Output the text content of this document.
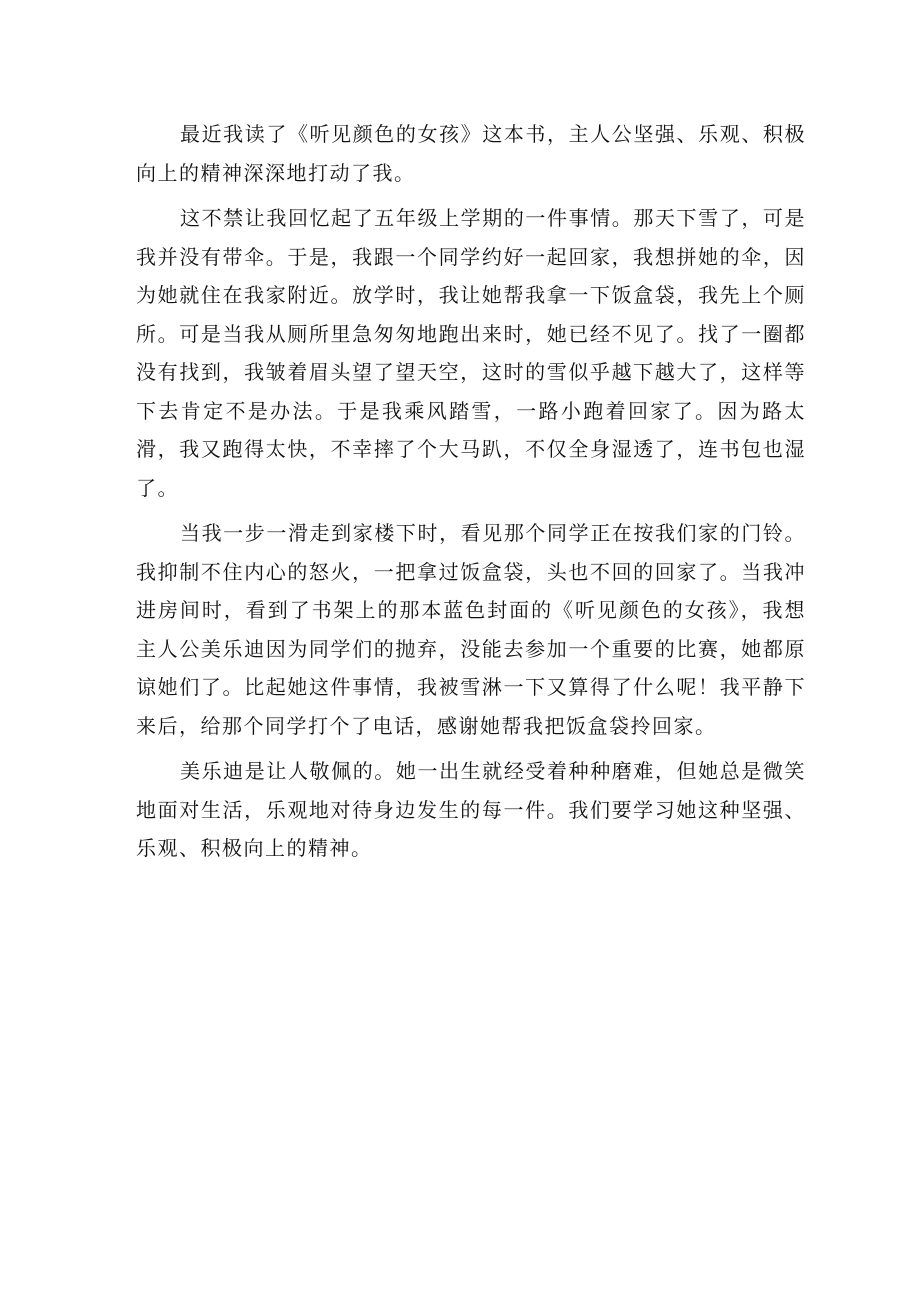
最近我读了《听见颜色的女孩》这本书，主人公坚强、乐观、积极向上的精神深深地打动了我。

这不禁让我回忆起了五年级上学期的一件事情。那天下雪了，可是我并没有带伞。于是，我跟一个同学约好一起回家，我想拼她的伞，因为她就住在我家附近。放学时，我让她帮我拿一下饭盒袋，我先上个厕所。可是当我从厕所里急匆匆地跑出来时，她已经不见了。找了一圈都没有找到，我皱着眉头望了望天空，这时的雪似乎越下越大了，这样等下去肯定不是办法。于是我乘风踏雪，一路小跑着回家了。因为路太滑，我又跑得太快，不幸摔了个大马趴，不仅全身湿透了，连书包也湿了。

当我一步一滑走到家楼下时，看见那个同学正在按我们家的门铃。我抑制不住内心的怒火，一把拿过饭盒袋，头也不回的回家了。当我冲进房间时，看到了书架上的那本蓝色封面的《听见颜色的女孩》，我想主人公美乐迪因为同学们的抛弃，没能去参加一个重要的比赛，她都原谅她们了。比起她这件事情，我被雪淋一下又算得了什么呢！我平静下来后，给那个同学打个了电话，感谢她帮我把饭盒袋拎回家。

美乐迪是让人敬佩的。她一出生就经受着种种磨难，但她总是微笑地面对生活，乐观地对待身边发生的每一件。我们要学习她这种坚强、乐观、积极向上的精神。
